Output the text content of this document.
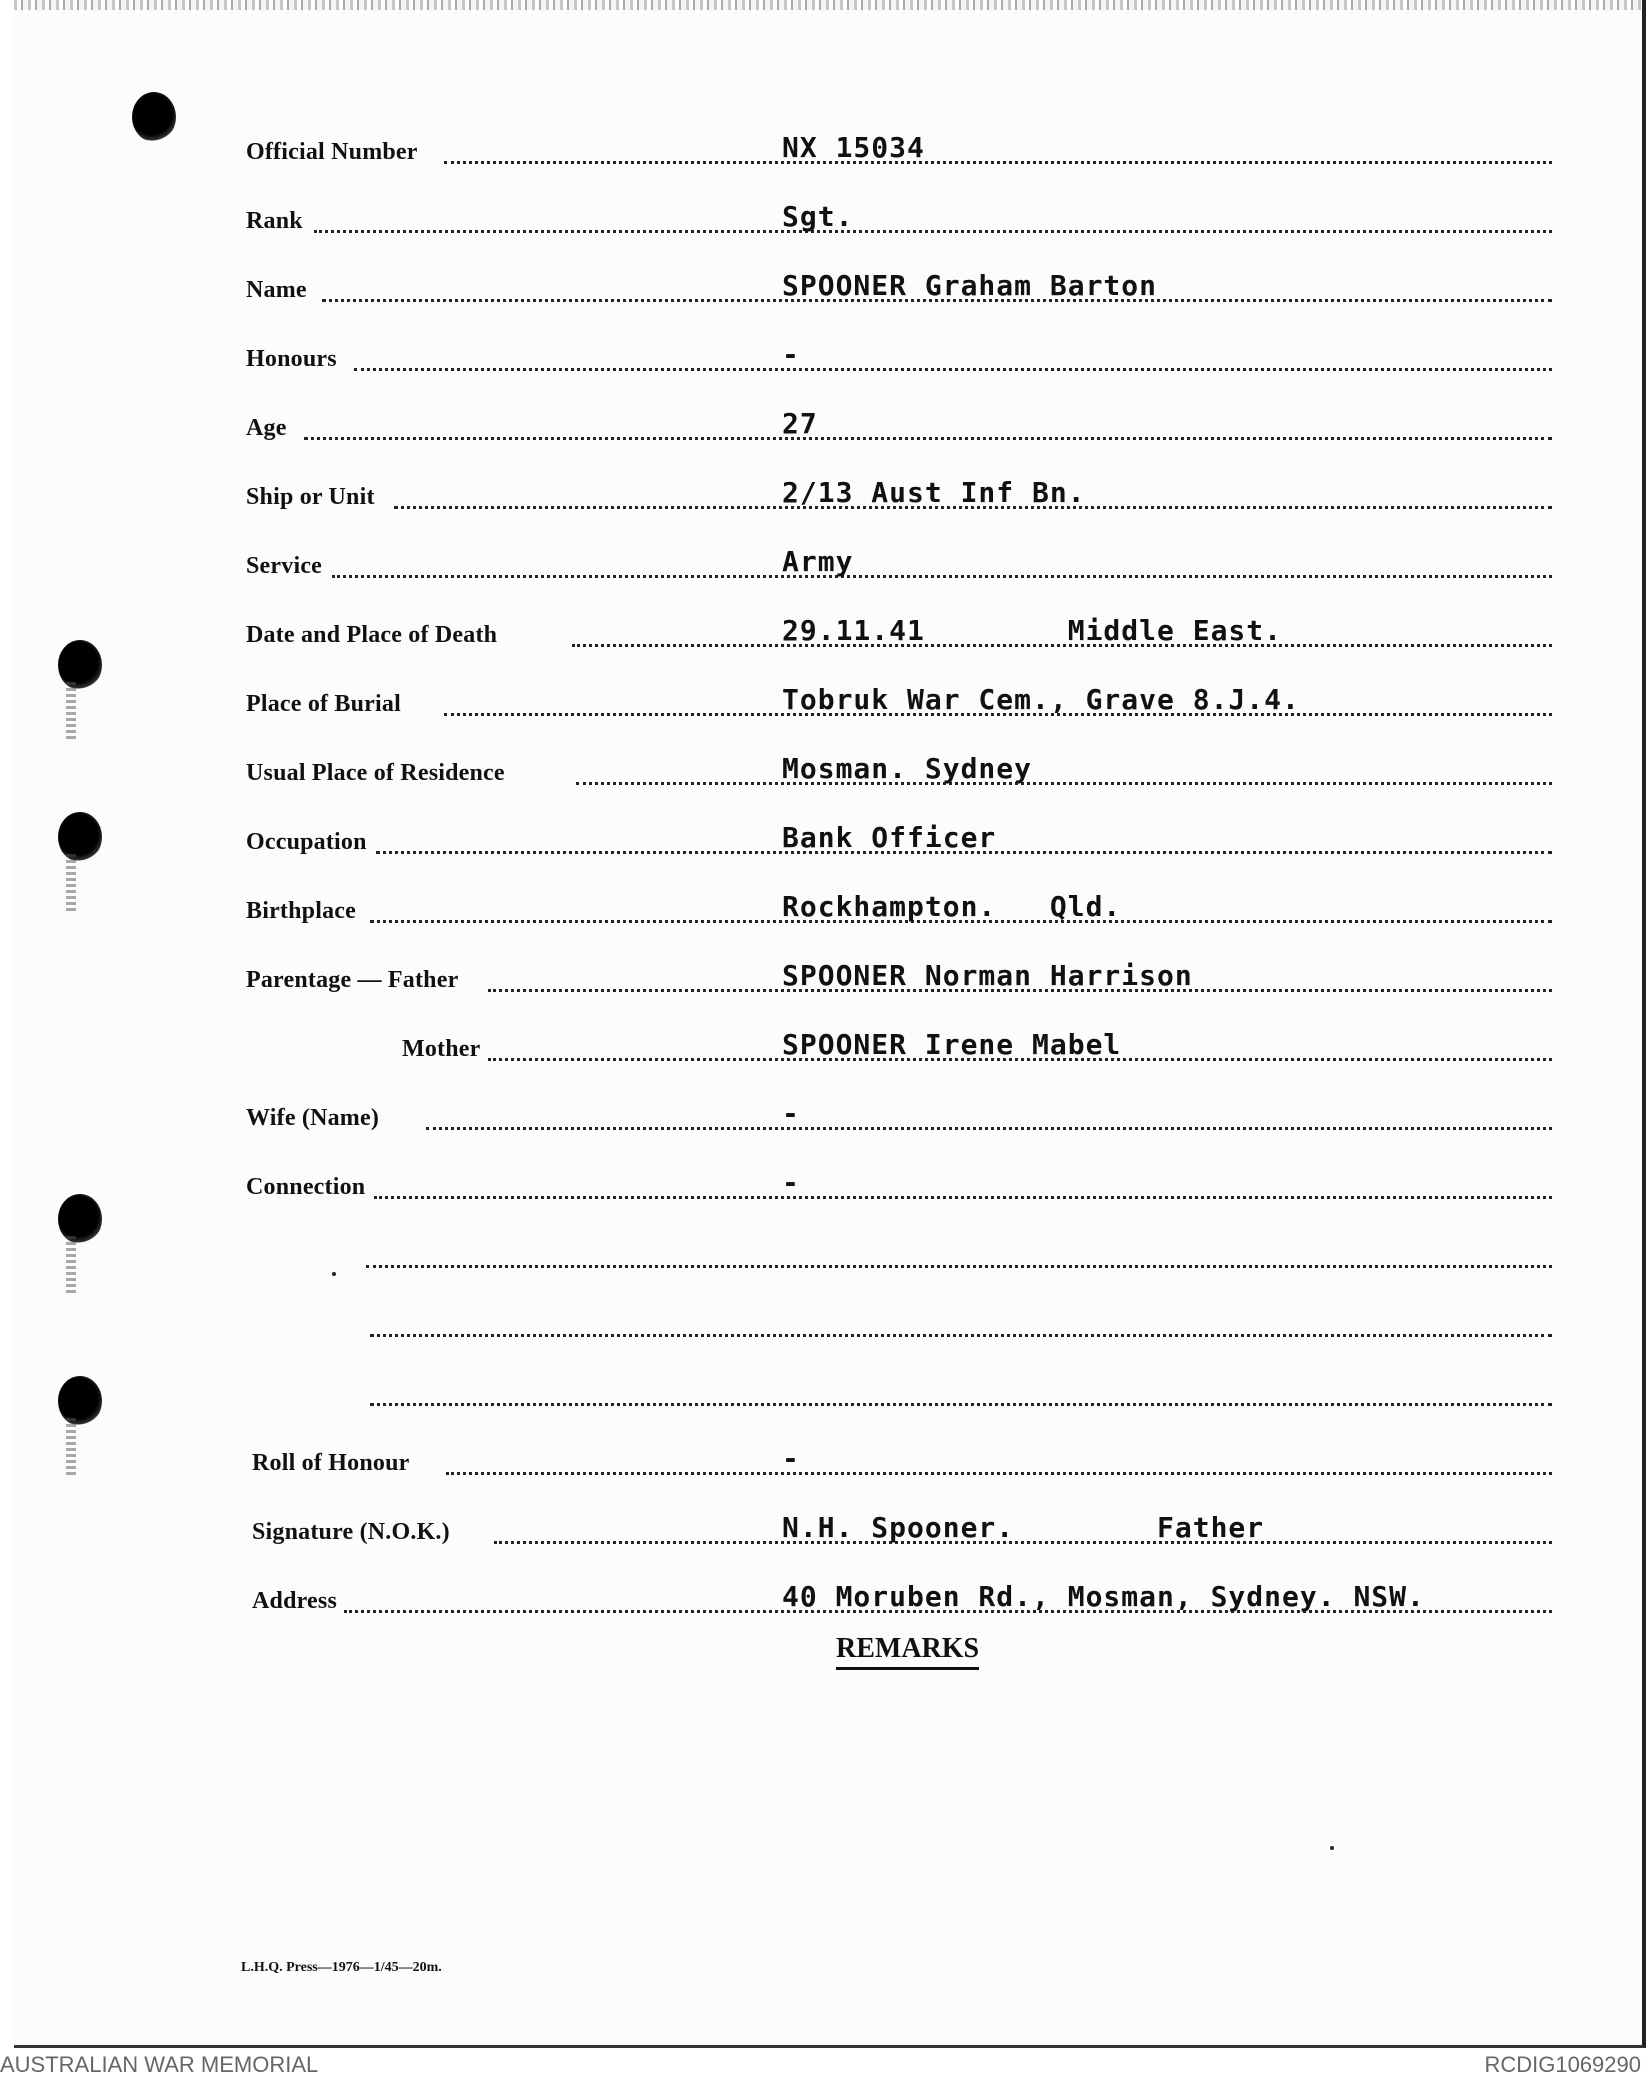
Official Number	NX 15034
Rank	Sgt.
Name	SPOONER Graham Barton
Honours	-
Age	27
Ship or Unit	2/13 Aust Inf Bn.
Service	Army
Date and Place of Death	29.11.41        Middle East.
Place of Burial	Tobruk War Cem., Grave 8.J.4.
Usual Place of Residence	Mosman. Sydney
Occupation	Bank Officer
Birthplace	Rockhampton.   Qld.
Parentage — Father	SPOONER Norman Harrison
Mother	SPOONER Irene Mabel
Wife (Name)	-
Connection	-
Roll of Honour	-
Signature (N.O.K.)	N.H. Spooner.        Father
Address	40 Moruben Rd., Mosman, Sydney. NSW.
REMARKS
L.H.Q. Press—1976—1/45—20m.
AUSTRALIAN WAR MEMORIAL	RCDIG1069290
